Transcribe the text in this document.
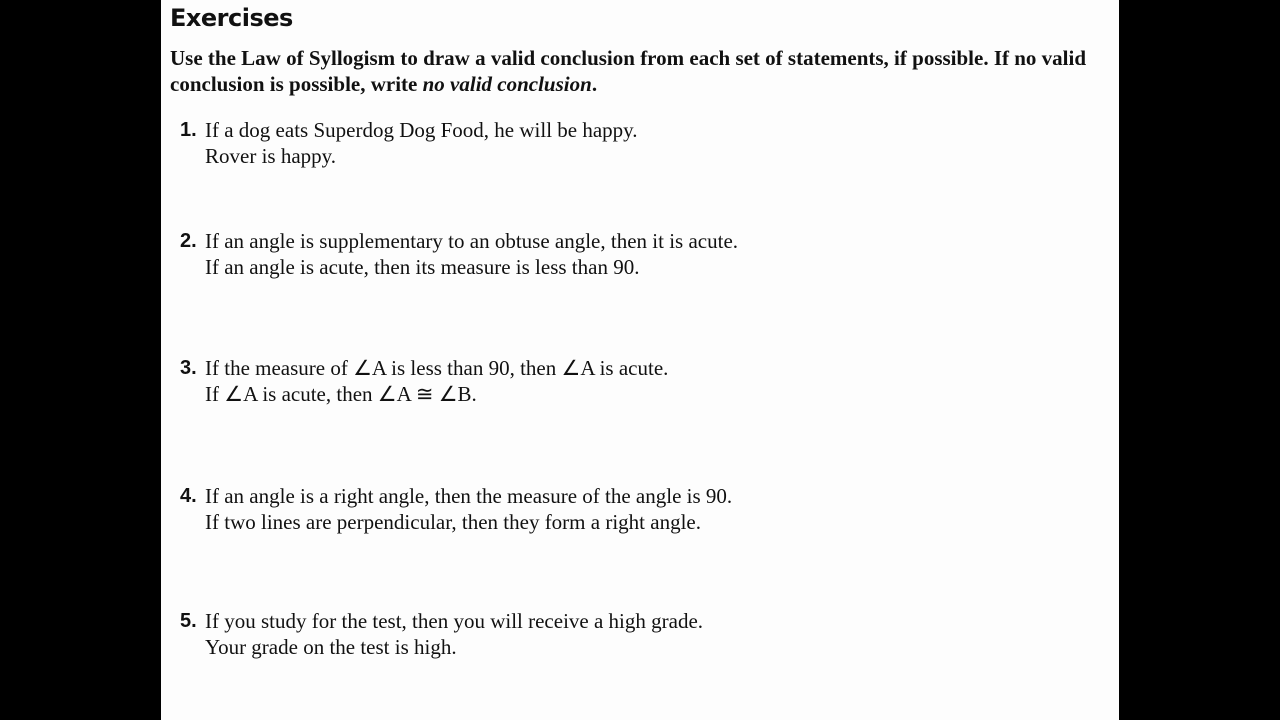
Exercises
Use the Law of Syllogism to draw a valid conclusion from each set of statements, if possible. If no valid conclusion is possible, write no valid conclusion.
1. If a dog eats Superdog Dog Food, he will be happy.
Rover is happy.
2. If an angle is supplementary to an obtuse angle, then it is acute.
If an angle is acute, then its measure is less than 90.
3. If the measure of ∠A is less than 90, then ∠A is acute.
If ∠A is acute, then ∠A ≅ ∠B.
4. If an angle is a right angle, then the measure of the angle is 90.
If two lines are perpendicular, then they form a right angle.
5. If you study for the test, then you will receive a high grade.
Your grade on the test is high.
